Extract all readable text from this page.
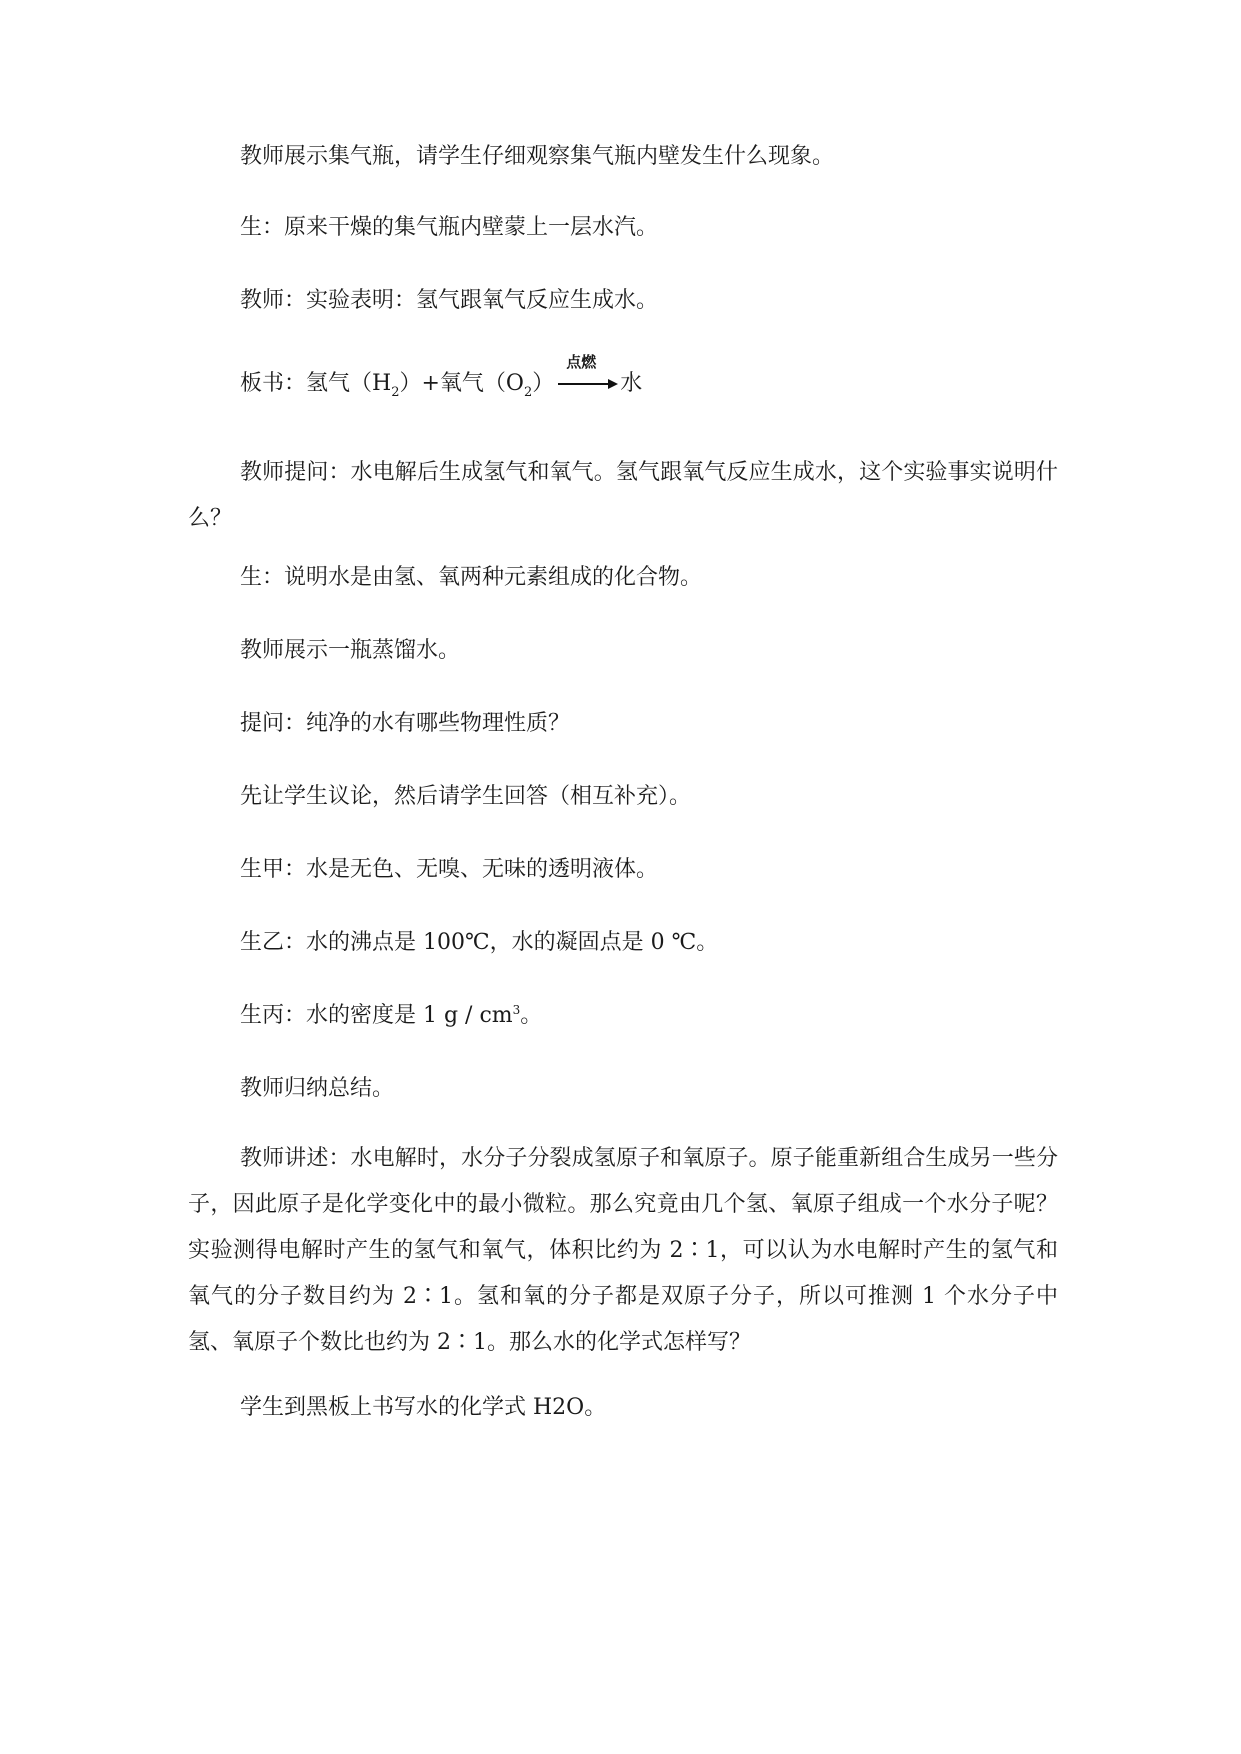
教师展示集气瓶，请学生仔细观察集气瓶内壁发生什么现象。

生：原来干燥的集气瓶内壁蒙上一层水汽。

教师：实验表明：氢气跟氧气反应生成水。

板书：氢气$(H_2)+$氧气$(O_2)$
点燃
水

教师提问：水电解后生成氢气和氧气。氢气跟氧气反应生成水，这个实验事实说明什么？

生：说明水是由氢、氧两种元素组成的化合物。

教师展示一瓶蒸馏水。

提问：纯净的水有哪些物理性质？

先让学生议论，然后请学生回答（相互补充）。

生甲：水是无色、无嗅、无味的透明液体。

生乙：水的沸点是 100℃，水的凝固点是 0 ℃。

生丙：水的密度是 1 g / $cm^3$。

教师归纳总结。

教师讲述：水电解时，水分子分裂成氢原子和氧原子。原子能重新组合生成另一些分子，因此原子是化学变化中的最小微粒。那么究竟由几个氢、氧原子组成一个水分子呢？实验测得电解时产生的氢气和氧气，体积比约为 2∶1，可以认为水电解时产生的氢气和氧气的分子数目约为 2∶1。氢和氧的分子都是双原子分子，所以可推测 1 个水分子中氢、氧原子个数比也约为 2∶1。那么水的化学式怎样写？

学生到黑板上书写水的化学式 H2O。
